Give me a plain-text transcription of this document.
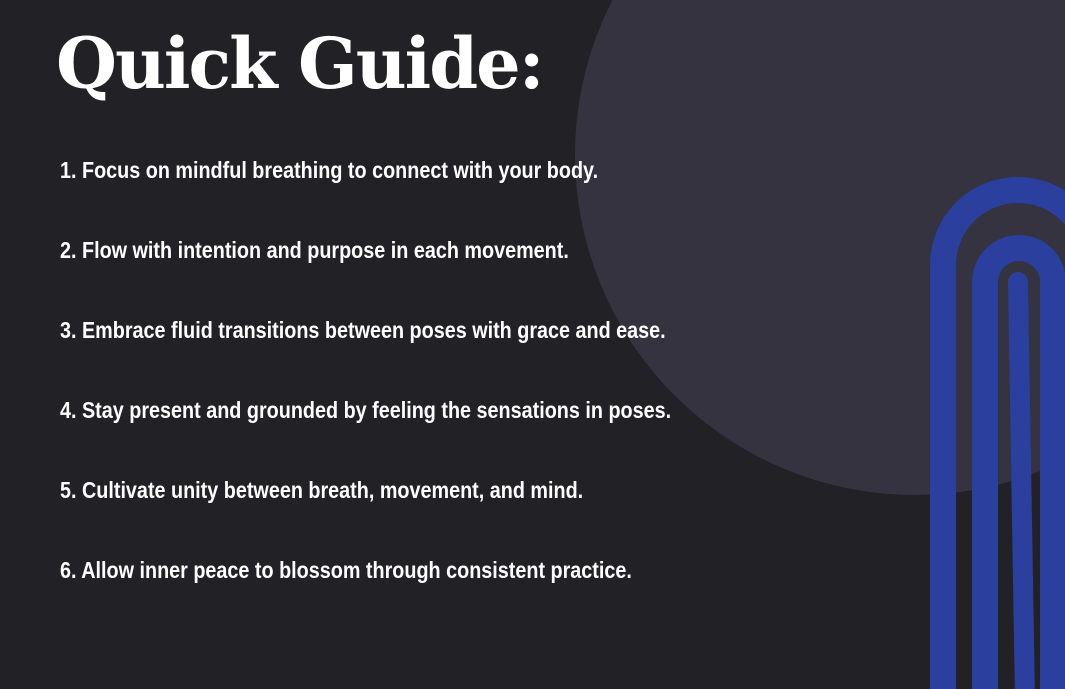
Quick Guide:
1. Focus on mindful breathing to connect with your body.
2. Flow with intention and purpose in each movement.
3. Embrace fluid transitions between poses with grace and ease.
4. Stay present and grounded by feeling the sensations in poses.
5. Cultivate unity between breath, movement, and mind.
6. Allow inner peace to blossom through consistent practice.
